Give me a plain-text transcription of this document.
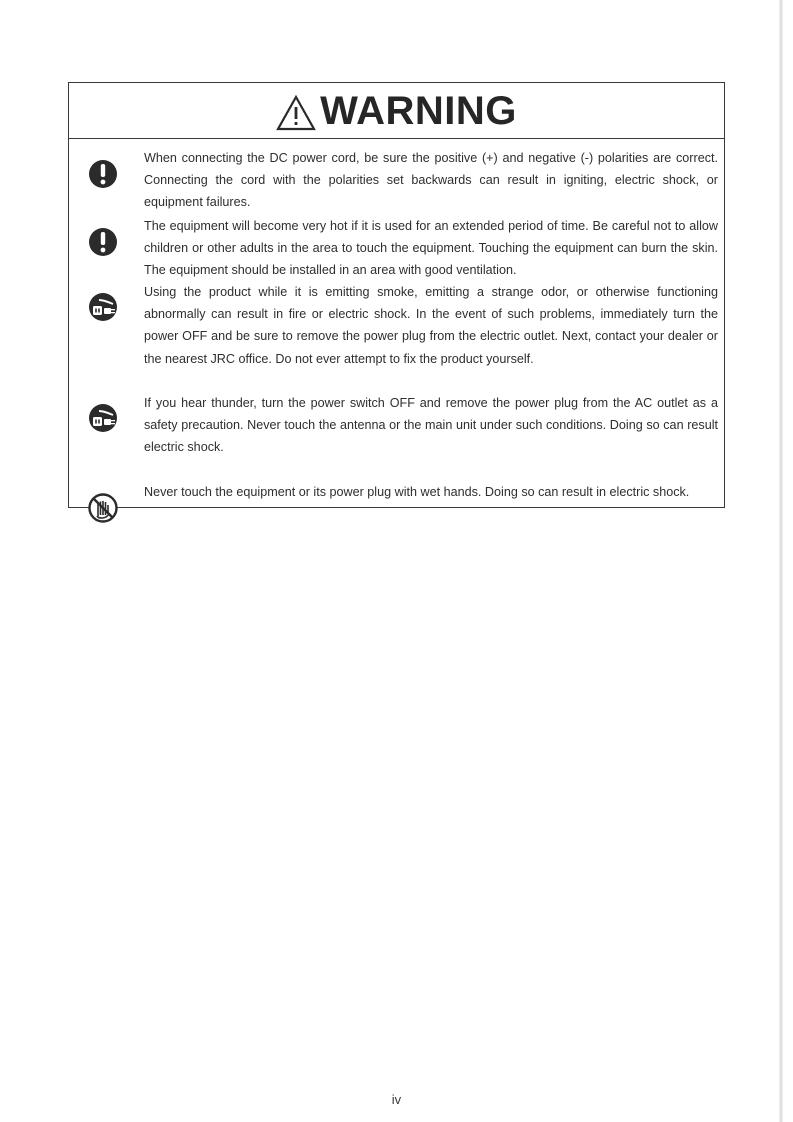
WARNING
When connecting the DC power cord, be sure the positive (+) and negative (-) polarities are correct. Connecting the cord with the polarities set backwards can result in igniting, electric shock, or equipment failures.
The equipment will become very hot if it is used for an extended period of time. Be careful not to allow children or other adults in the area to touch the equipment. Touching the equipment can burn the skin. The equipment should be installed in an area with good ventilation.
Using the product while it is emitting smoke, emitting a strange odor, or otherwise functioning abnormally can result in fire or electric shock. In the event of such problems, immediately turn the power OFF and be sure to remove the power plug from the electric outlet. Next, contact your dealer or the nearest JRC office. Do not ever attempt to fix the product yourself.
If you hear thunder, turn the power switch OFF and remove the power plug from the AC outlet as a safety precaution. Never touch the antenna or the main unit under such conditions. Doing so can result electric shock.
Never touch the equipment or its power plug with wet hands. Doing so can result in electric shock.
iv
